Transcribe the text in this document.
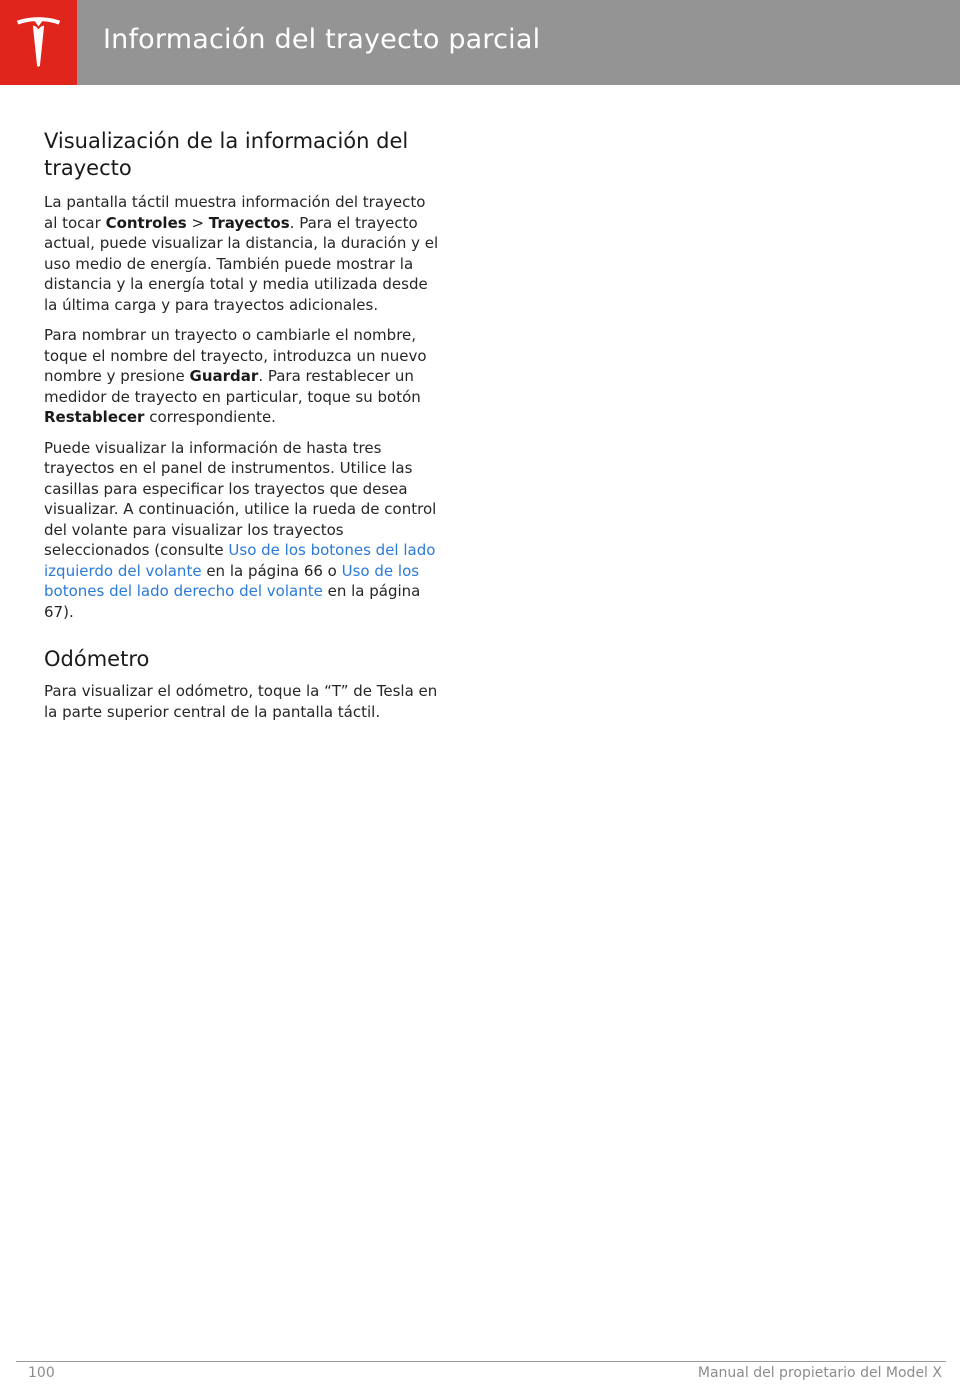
Información del trayecto parcial
Visualización de la información del trayecto

La pantalla táctil muestra información del trayecto al tocar Controles > Trayectos. Para el trayecto actual, puede visualizar la distancia, la duración y el uso medio de energía. También puede mostrar la distancia y la energía total y media utilizada desde la última carga y para trayectos adicionales.

Para nombrar un trayecto o cambiarle el nombre, toque el nombre del trayecto, introduzca un nuevo nombre y presione Guardar. Para restablecer un medidor de trayecto en particular, toque su botón Restablecer correspondiente.

Puede visualizar la información de hasta tres trayectos en el panel de instrumentos. Utilice las casillas para especificar los trayectos que desea visualizar. A continuación, utilice la rueda de control del volante para visualizar los trayectos seleccionados (consulte Uso de los botones del lado izquierdo del volante en la página 66 o Uso de los botones del lado derecho del volante en la página 67).

Odómetro

Para visualizar el odómetro, toque la “T” de Tesla en la parte superior central de la pantalla táctil.

100	Manual del propietario del Model X
